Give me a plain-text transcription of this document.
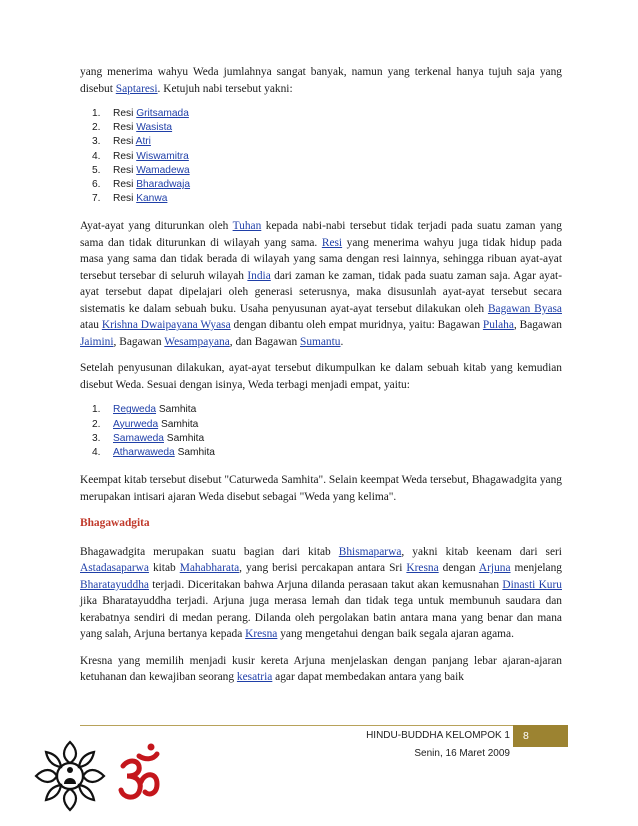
yang menerima wahyu Weda jumlahnya sangat banyak, namun yang terkenal hanya tujuh saja yang disebut Saptaresi. Ketujuh nabi tersebut yakni:

1.	Resi Gritsamada
2.	Resi Wasista
3.	Resi Atri
4.	Resi Wiswamitra
5.	Resi Wamadewa
6.	Resi Bharadwaja
7.	Resi Kanwa

Ayat-ayat yang diturunkan oleh Tuhan kepada nabi-nabi tersebut tidak terjadi pada suatu zaman yang sama dan tidak diturunkan di wilayah yang sama. Resi yang menerima wahyu juga tidak hidup pada masa yang sama dan tidak berada di wilayah yang sama dengan resi lainnya, sehingga ribuan ayat-ayat tersebut tersebar di seluruh wilayah India dari zaman ke zaman, tidak pada suatu zaman saja. Agar ayat-ayat tersebut dapat dipelajari oleh generasi seterusnya, maka disusunlah ayat-ayat tersebut secara sistematis ke dalam sebuah buku. Usaha penyusunan ayat-ayat tersebut dilakukan oleh Bagawan Byasa atau Krishna Dwaipayana Wyasa dengan dibantu oleh empat muridnya, yaitu: Bagawan Pulaha, Bagawan Jaimini, Bagawan Wesampayana, dan Bagawan Sumantu.

Setelah penyusunan dilakukan, ayat-ayat tersebut dikumpulkan ke dalam sebuah kitab yang kemudian disebut Weda. Sesuai dengan isinya, Weda terbagi menjadi empat, yaitu:

1.	Regweda Samhita
2.	Ayurweda Samhita
3.	Samaweda Samhita
4.	Atharwaweda Samhita

Keempat kitab tersebut disebut "Caturweda Samhita". Selain keempat Weda tersebut, Bhagawadgita yang merupakan intisari ajaran Weda disebut sebagai "Weda yang kelima".

Bhagawadgita

Bhagawadgita merupakan suatu bagian dari kitab Bhismaparwa, yakni kitab keenam dari seri Astadasaparwa kitab Mahabharata, yang berisi percakapan antara Sri Kresna dengan Arjuna menjelang Bharatayuddha terjadi. Diceritakan bahwa Arjuna dilanda perasaan takut akan kemusnahan Dinasti Kuru jika Bharatayuddha terjadi. Arjuna juga merasa lemah dan tidak tega untuk membunuh saudara dan kerabatnya sendiri di medan perang. Dilanda oleh pergolakan batin antara mana yang benar dan mana yang salah, Arjuna bertanya kepada Kresna yang mengetahui dengan baik segala ajaran agama.

Kresna yang memilih menjadi kusir kereta Arjuna menjelaskan dengan panjang lebar ajaran-ajaran ketuhanan dan kewajiban seorang kesatria agar dapat membedakan antara yang baik

HINDU-BUDDHA KELOMPOK 1	8
Senin, 16 Maret 2009
